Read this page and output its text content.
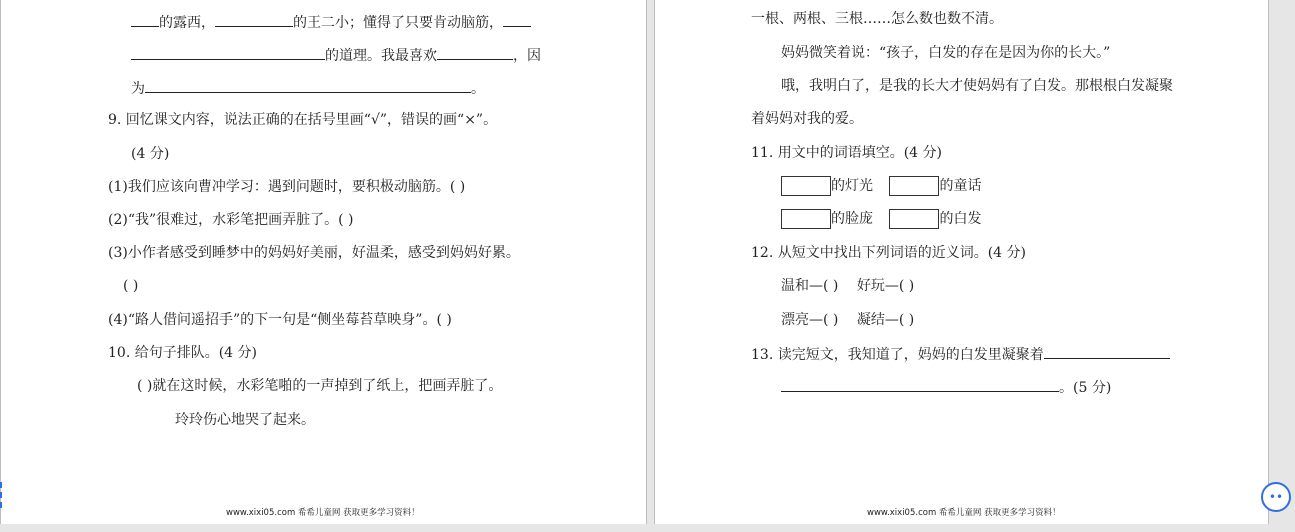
的露西，	的王二小；懂得了只要肯动脑筋，
的道理。我最喜欢	，因
为	。
9. 回忆课文内容，说法正确的在括号里画“√”，错误的画“×”。
(4 分)
(1)我们应该向曹冲学习：遇到问题时，要积极动脑筋。( )
(2)“我”很难过，水彩笔把画弄脏了。( )
(3)小作者感受到睡梦中的妈妈好美丽，好温柔，感受到妈妈好累。
( )
(4)“路人借问遥招手”的下一句是“侧坐莓苔草映身”。( )
10. 给句子排队。(4 分)
( )就在这时候，水彩笔啪的一声掉到了纸上，把画弄脏了。
玲玲伤心地哭了起来。
www.xixi05.com 希希儿童网 获取更多学习资料！
一根、两根、三根……怎么数也数不清。
妈妈微笑着说：“孩子，白发的存在是因为你的长大。”
哦，我明白了，是我的长大才使妈妈有了白发。那根根白发凝聚
着妈妈对我的爱。
11. 用文中的词语填空。(4 分)
的灯光	的童话
的脸庞	的白发
12. 从短文中找出下列词语的近义词。(4 分)
温和—( ) 好玩—( )
漂亮—( ) 凝结—( )
13. 读完短文，我知道了，妈妈的白发里凝聚着
。(5 分)
www.xixi05.com 希希儿童网 获取更多学习资料！
••
